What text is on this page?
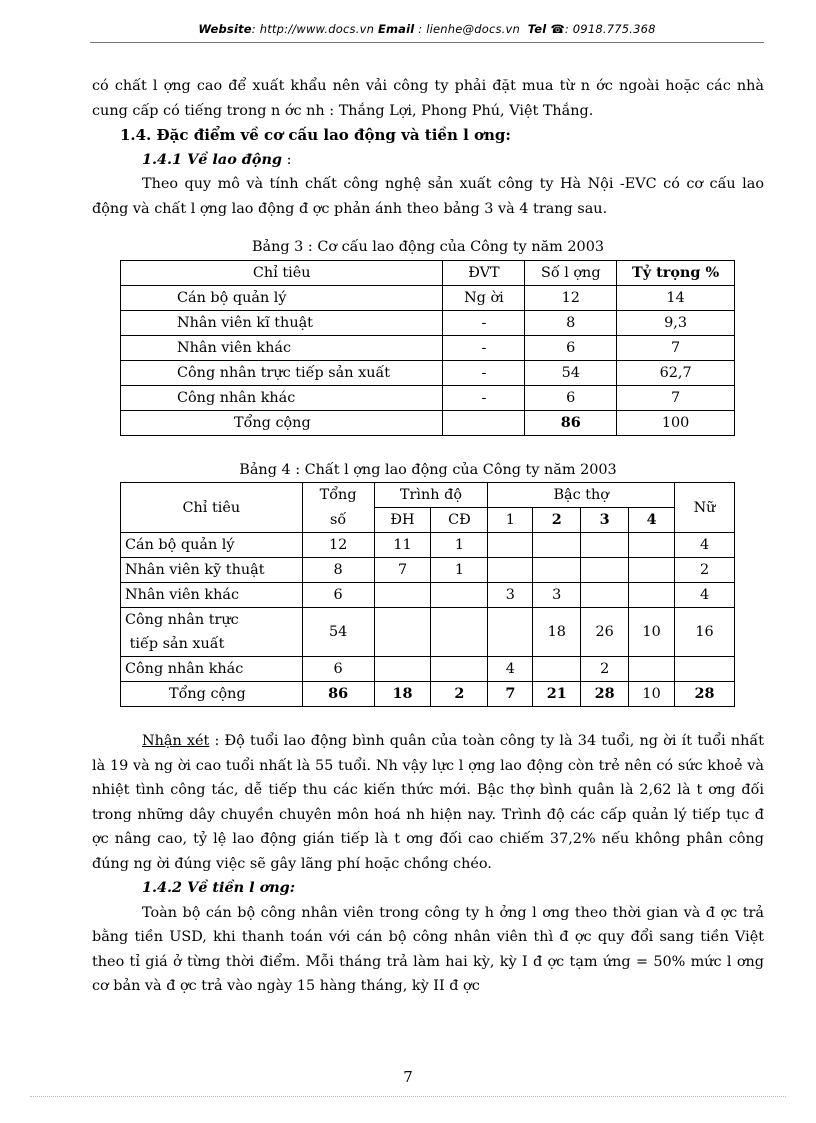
Website: http://www.docs.vn Email : lienhe@docs.vn Tel ☎: 0918.775.368

có chất l ợng cao để xuất khẩu nên vải công ty phải đặt mua từ n ớc ngoài hoặc các nhà cung cấp có tiếng trong n ớc nh : Thắng Lợi, Phong Phú, Việt Thắng.

1.4. Đặc điểm về cơ cấu lao động và tiền l ơng:

1.4.1 Về lao động :

Theo quy mô và tính chất công nghệ sản xuất công ty Hà Nội -EVC có cơ cấu lao động và chất l ợng lao động đ ợc phản ánh theo bảng 3 và 4 trang sau.

Bảng 3 : Cơ cấu lao động của Công ty năm 2003

Chỉ tiêu	ĐVT	Số l ợng	Tỷ trọng %
Cán bộ quản lý	Ng ời	12	14
Nhân viên kĩ thuật	-	8	9,3
Nhân viên khác	-	6	7
Công nhân trực tiếp sản xuất	-	54	62,7
Công nhân khác	-	6	7
Tổng cộng		86	100

Bảng 4 : Chất l ợng lao động của Công ty năm 2003

Chỉ tiêu	Tổng	Trình độ		Bậc thợ				Nữ
	số	ĐH	CĐ	1	2	3	4	
Cán bộ quản lý	12	11	1					4
Nhân viên kỹ thuật	8	7	1					2
Nhân viên khác	6			3	3			4
Công nhân trực
tiếp sản xuất	54				18	26	10	16
Công nhân khác	6			4		2		
Tổng cộng	86	18	2	7	21	28	10	28

Nhận xét : Độ tuổi lao động bình quân của toàn công ty là 34 tuổi, ng ời ít tuổi nhất là 19 và ng ời cao tuổi nhất là 55 tuổi. Nh vậy lực l ợng lao động còn trẻ nên có sức khoẻ và nhiệt tình công tác, dễ tiếp thu các kiến thức mới. Bậc thợ bình quân là 2,62 là t ơng đối trong những dây chuyền chuyên môn hoá nh hiện nay. Trình độ các cấp quản lý tiếp tục đ ợc nâng cao, tỷ lệ lao động gián tiếp là t ơng đối cao chiếm 37,2% nếu không phân công đúng ng ời đúng việc sẽ gây lãng phí hoặc chồng chéo.

1.4.2 Về tiền l ơng:

Toàn bộ cán bộ công nhân viên trong công ty h ởng l ơng theo thời gian và đ ợc trả bằng tiền USD, khi thanh toán với cán bộ công nhân viên thì đ ợc quy đổi sang tiền Việt theo tỉ giá ở từng thời điểm. Mỗi tháng trả làm hai kỳ, kỳ I đ ợc tạm ứng = 50% mức l ơng cơ bản và đ ợc trả vào ngày 15 hàng tháng, kỳ II đ ợc

7
